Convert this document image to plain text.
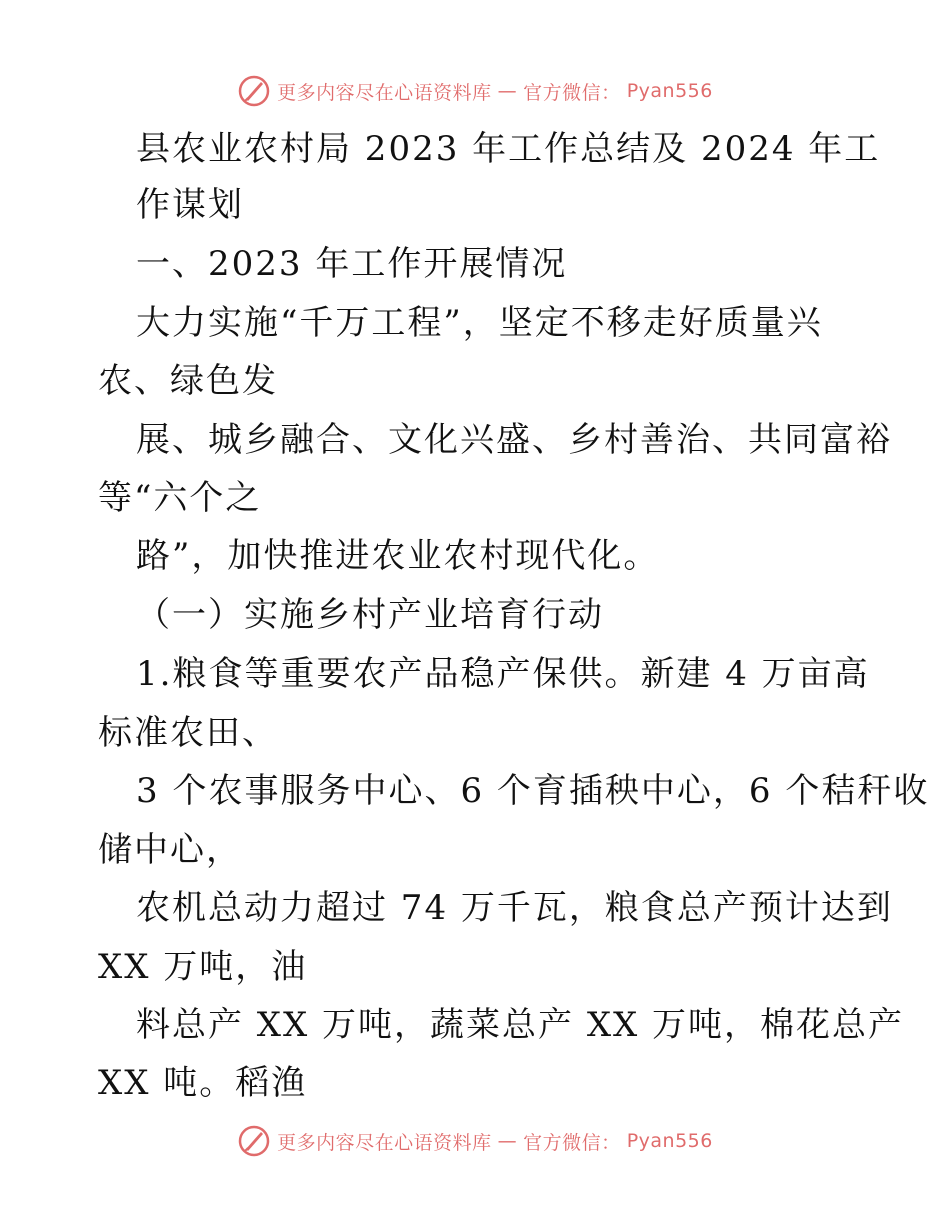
更多内容尽在心语资料库 — 官方微信： Pyan556
县农业农村局 2023 年工作总结及 2024 年工
作谋划
一、2023 年工作开展情况
大力实施“千万工程”，坚定不移走好质量兴
农、绿色发
展、城乡融合、文化兴盛、乡村善治、共同富裕
等“六个之
路”，加快推进农业农村现代化。
（一）实施乡村产业培育行动
1.粮食等重要农产品稳产保供。新建 4 万亩高
标准农田、
3 个农事服务中心、6 个育插秧中心，6 个秸秆收
储中心，
农机总动力超过 74 万千瓦，粮食总产预计达到
XX 万吨，油
料总产 XX 万吨，蔬菜总产 XX 万吨，棉花总产
XX 吨。稻渔
更多内容尽在心语资料库 — 官方微信： Pyan556
